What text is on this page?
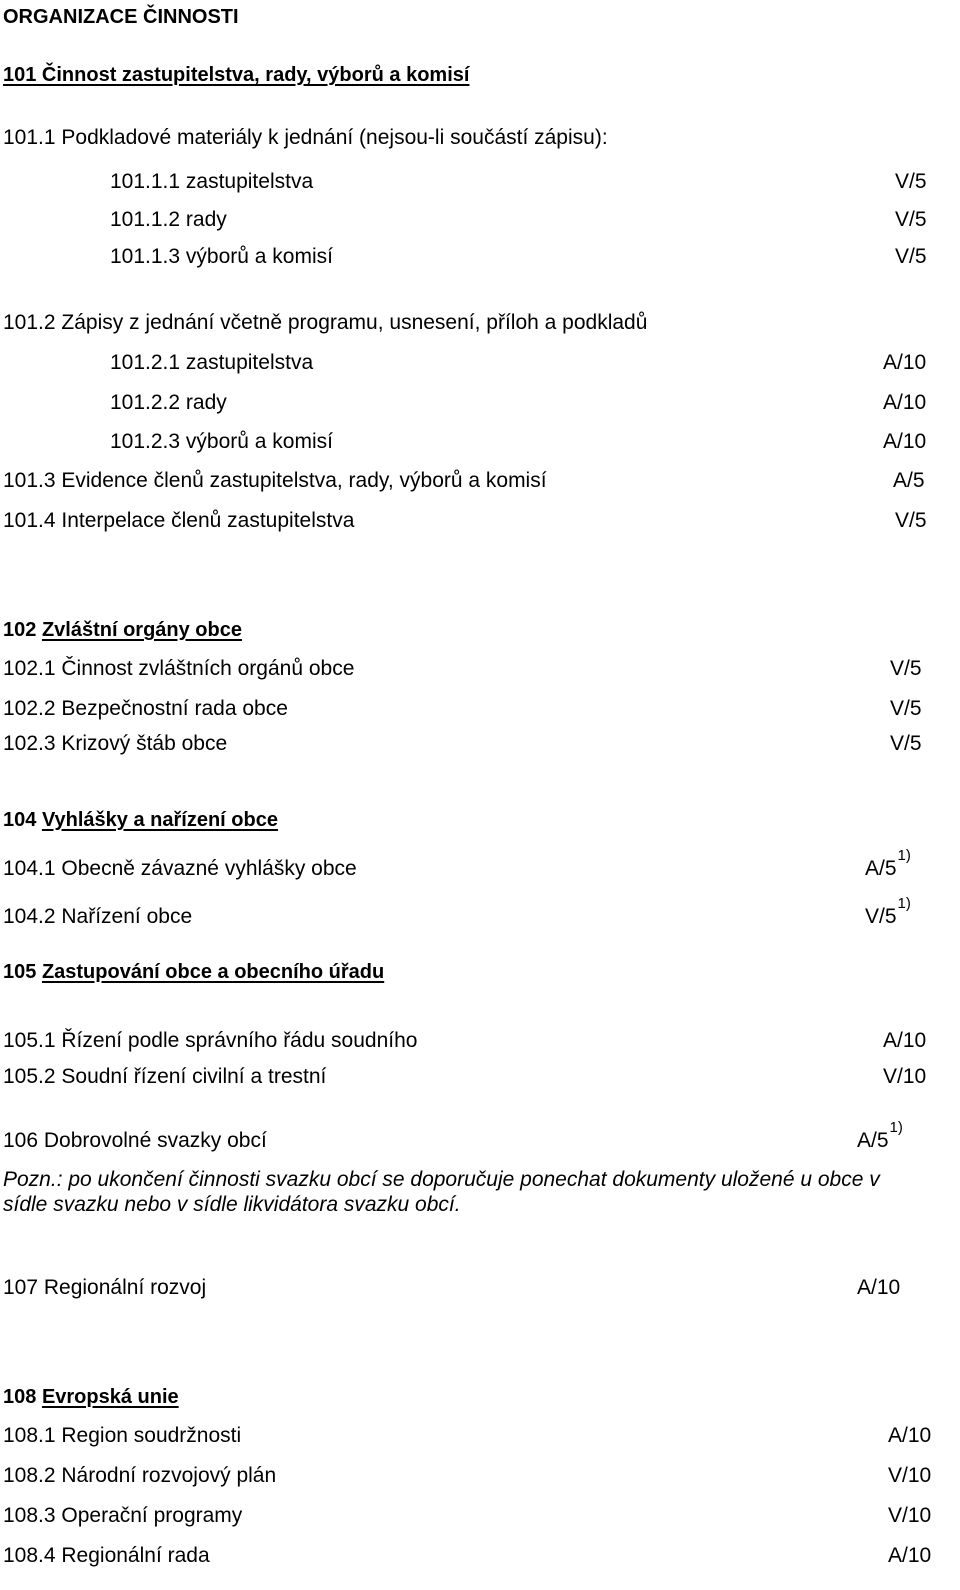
ORGANIZACE ČINNOSTI
101 Činnost zastupitelstva, rady, výborů a komisí
101.1 Podkladové materiály k jednání (nejsou-li součástí zápisu):
101.1.1 zastupitelstva	V/5
101.1.2 rady	V/5
101.1.3 výborů a komisí	V/5
101.2 Zápisy z jednání včetně programu, usnesení, příloh a podkladů
101.2.1 zastupitelstva	A/10
101.2.2 rady	A/10
101.2.3 výborů a komisí	A/10
101.3 Evidence členů zastupitelstva, rady, výborů a komisí	A/5
101.4 Interpelace členů zastupitelstva	V/5
102 Zvláštní orgány obce
102.1 Činnost zvláštních orgánů obce	V/5
102.2 Bezpečnostní rada obce	V/5
102.3 Krizový štáb obce	V/5
104 Vyhlášky a nařízení obce
104.1 Obecně závazné vyhlášky obce	A/5$^{1)}$
104.2 Nařízení obce	V/5$^{1)}$
105 Zastupování obce a obecního úřadu
105.1 Řízení podle správního řádu soudního	A/10
105.2 Soudní řízení civilní a trestní	V/10
106 Dobrovolné svazky obcí	A/5$^{1)}$
Pozn.: po ukončení činnosti svazku obcí se doporučuje ponechat dokumenty uložené u obce v
sídle svazku nebo v sídle likvidátora svazku obcí.
107 Regionální rozvoj	A/10
108 Evropská unie
108.1 Region soudržnosti	A/10
108.2 Národní rozvojový plán	V/10
108.3 Operační programy	V/10
108.4 Regionální rada	A/10
